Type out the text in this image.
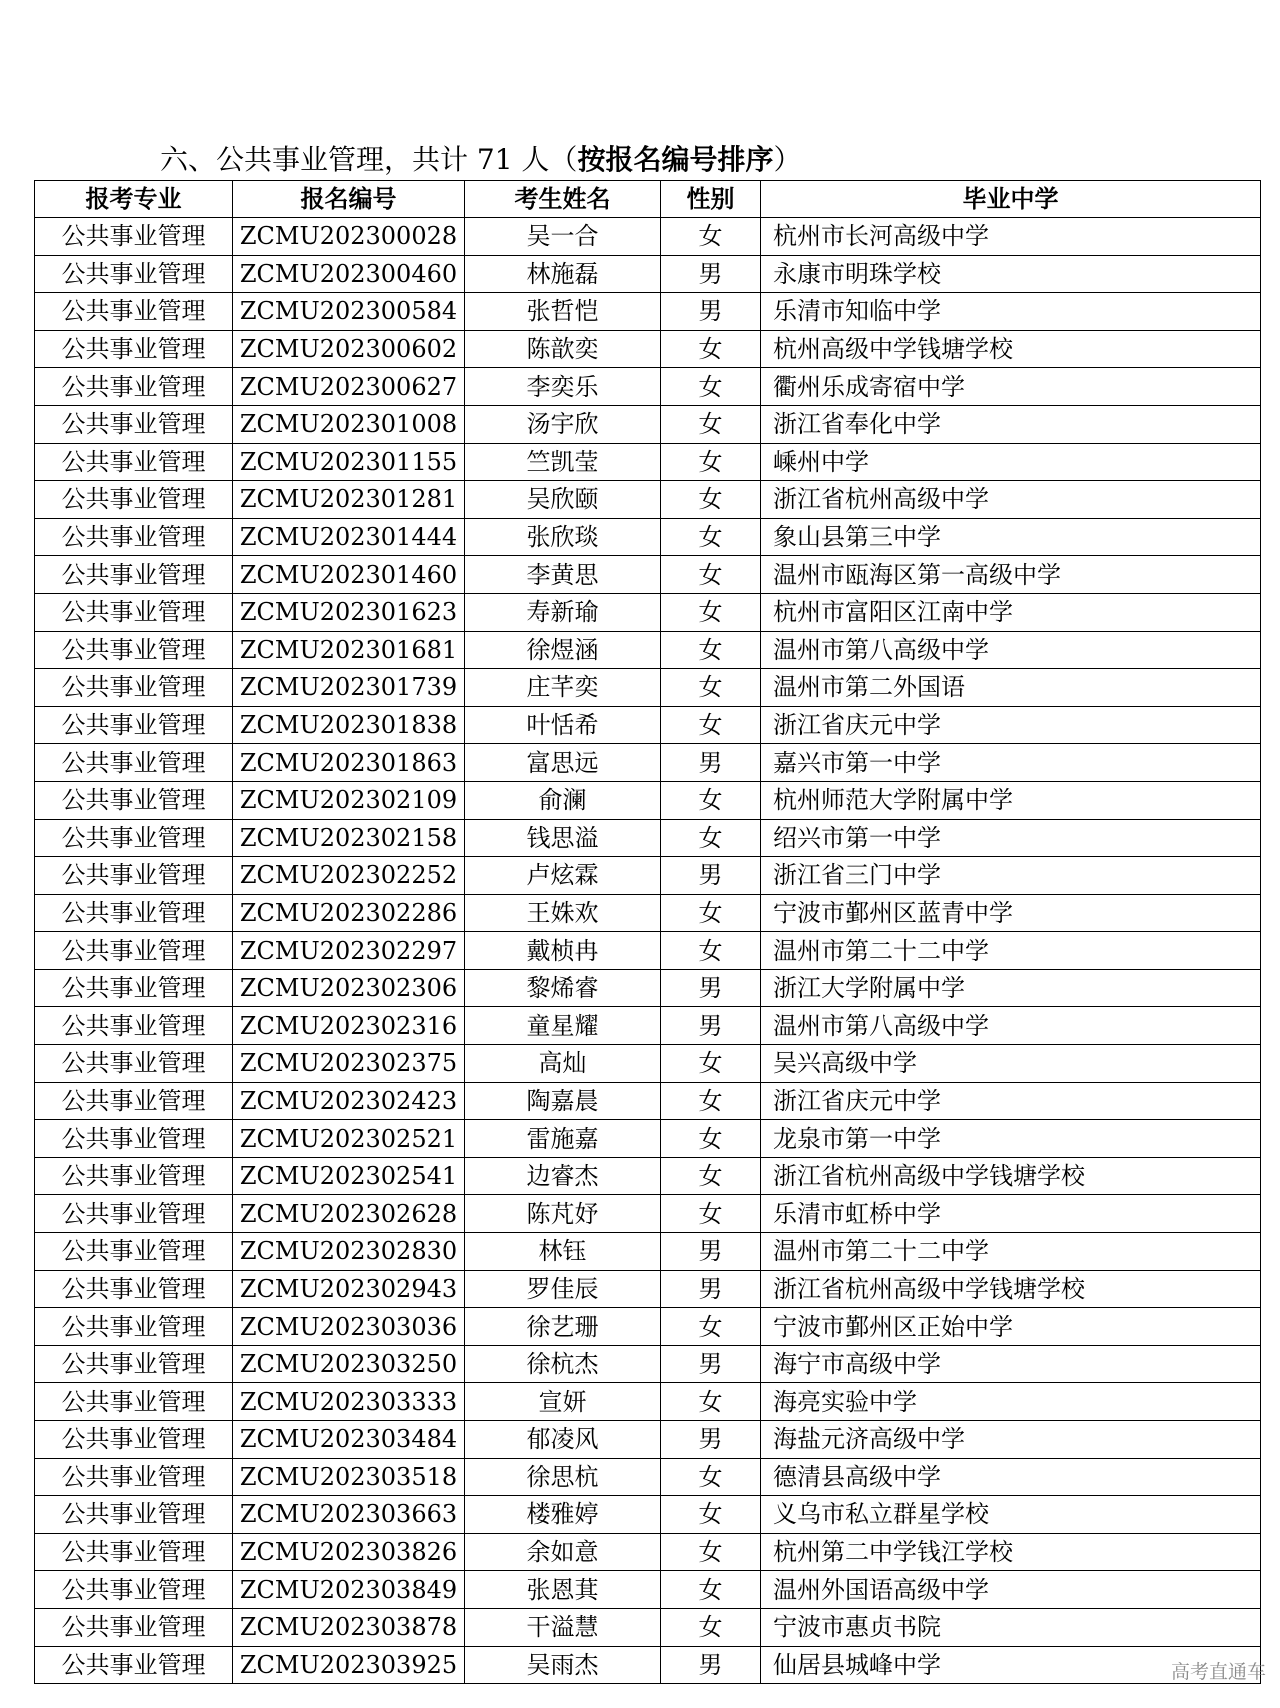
六、公共事业管理，共计 71 人（按报名编号排序）
报考专业	报名编号	考生姓名	性别	毕业中学
公共事业管理	ZCMU202300028	吴一合	女	杭州市长河高级中学
公共事业管理	ZCMU202300460	林施磊	男	永康市明珠学校
公共事业管理	ZCMU202300584	张哲恺	男	乐清市知临中学
公共事业管理	ZCMU202300602	陈歆奕	女	杭州高级中学钱塘学校
公共事业管理	ZCMU202300627	李奕乐	女	衢州乐成寄宿中学
公共事业管理	ZCMU202301008	汤宇欣	女	浙江省奉化中学
公共事业管理	ZCMU202301155	竺凯莹	女	嵊州中学
公共事业管理	ZCMU202301281	吴欣颐	女	浙江省杭州高级中学
公共事业管理	ZCMU202301444	张欣琰	女	象山县第三中学
公共事业管理	ZCMU202301460	李黄思	女	温州市瓯海区第一高级中学
公共事业管理	ZCMU202301623	寿新瑜	女	杭州市富阳区江南中学
公共事业管理	ZCMU202301681	徐煜涵	女	温州市第八高级中学
公共事业管理	ZCMU202301739	庄芊奕	女	温州市第二外国语
公共事业管理	ZCMU202301838	叶恬希	女	浙江省庆元中学
公共事业管理	ZCMU202301863	富思远	男	嘉兴市第一中学
公共事业管理	ZCMU202302109	俞澜	女	杭州师范大学附属中学
公共事业管理	ZCMU202302158	钱思溢	女	绍兴市第一中学
公共事业管理	ZCMU202302252	卢炫霖	男	浙江省三门中学
公共事业管理	ZCMU202302286	王姝欢	女	宁波市鄞州区蓝青中学
公共事业管理	ZCMU202302297	戴桢冉	女	温州市第二十二中学
公共事业管理	ZCMU202302306	黎烯睿	男	浙江大学附属中学
公共事业管理	ZCMU202302316	童星耀	男	温州市第八高级中学
公共事业管理	ZCMU202302375	高灿	女	吴兴高级中学
公共事业管理	ZCMU202302423	陶嘉晨	女	浙江省庆元中学
公共事业管理	ZCMU202302521	雷施嘉	女	龙泉市第一中学
公共事业管理	ZCMU202302541	边睿杰	女	浙江省杭州高级中学钱塘学校
公共事业管理	ZCMU202302628	陈芃妤	女	乐清市虹桥中学
公共事业管理	ZCMU202302830	林钰	男	温州市第二十二中学
公共事业管理	ZCMU202302943	罗佳辰	男	浙江省杭州高级中学钱塘学校
公共事业管理	ZCMU202303036	徐艺珊	女	宁波市鄞州区正始中学
公共事业管理	ZCMU202303250	徐杭杰	男	海宁市高级中学
公共事业管理	ZCMU202303333	宣妍	女	海亮实验中学
公共事业管理	ZCMU202303484	郁凌风	男	海盐元济高级中学
公共事业管理	ZCMU202303518	徐思杭	女	德清县高级中学
公共事业管理	ZCMU202303663	楼雅婷	女	义乌市私立群星学校
公共事业管理	ZCMU202303826	余如意	女	杭州第二中学钱江学校
公共事业管理	ZCMU202303849	张恩萁	女	温州外国语高级中学
公共事业管理	ZCMU202303878	干溢慧	女	宁波市惠贞书院
公共事业管理	ZCMU202303925	吴雨杰	男	仙居县城峰中学	高考直通车
